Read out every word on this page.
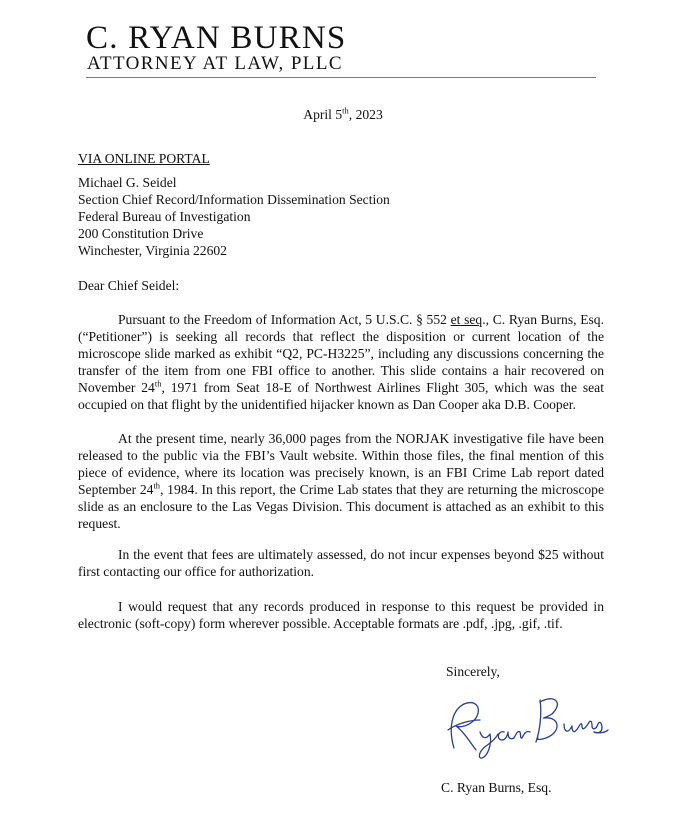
C. RYAN BURNS
ATTORNEY AT LAW, PLLC
April 5th, 2023
VIA ONLINE PORTAL
Michael G. Seidel
Section Chief Record/Information Dissemination Section
Federal Bureau of Investigation
200 Constitution Drive
Winchester, Virginia 22602
Dear Chief Seidel:
Pursuant to the Freedom of Information Act, 5 U.S.C. § 552 et seq., C. Ryan Burns, Esq. (“Petitioner”) is seeking all records that reflect the disposition or current location of the microscope slide marked as exhibit “Q2, PC-H3225”, including any discussions concerning the transfer of the item from one FBI office to another. This slide contains a hair recovered on November 24th, 1971 from Seat 18-E of Northwest Airlines Flight 305, which was the seat occupied on that flight by the unidentified hijacker known as Dan Cooper aka D.B. Cooper.
At the present time, nearly 36,000 pages from the NORJAK investigative file have been released to the public via the FBI’s Vault website. Within those files, the final mention of this piece of evidence, where its location was precisely known, is an FBI Crime Lab report dated September 24th, 1984. In this report, the Crime Lab states that they are returning the microscope slide as an enclosure to the Las Vegas Division. This document is attached as an exhibit to this request.
In the event that fees are ultimately assessed, do not incur expenses beyond $25 without first contacting our office for authorization.
I would request that any records produced in response to this request be provided in electronic (soft-copy) form wherever possible. Acceptable formats are .pdf, .jpg, .gif, .tif.
Sincerely,
C. Ryan Burns, Esq.
